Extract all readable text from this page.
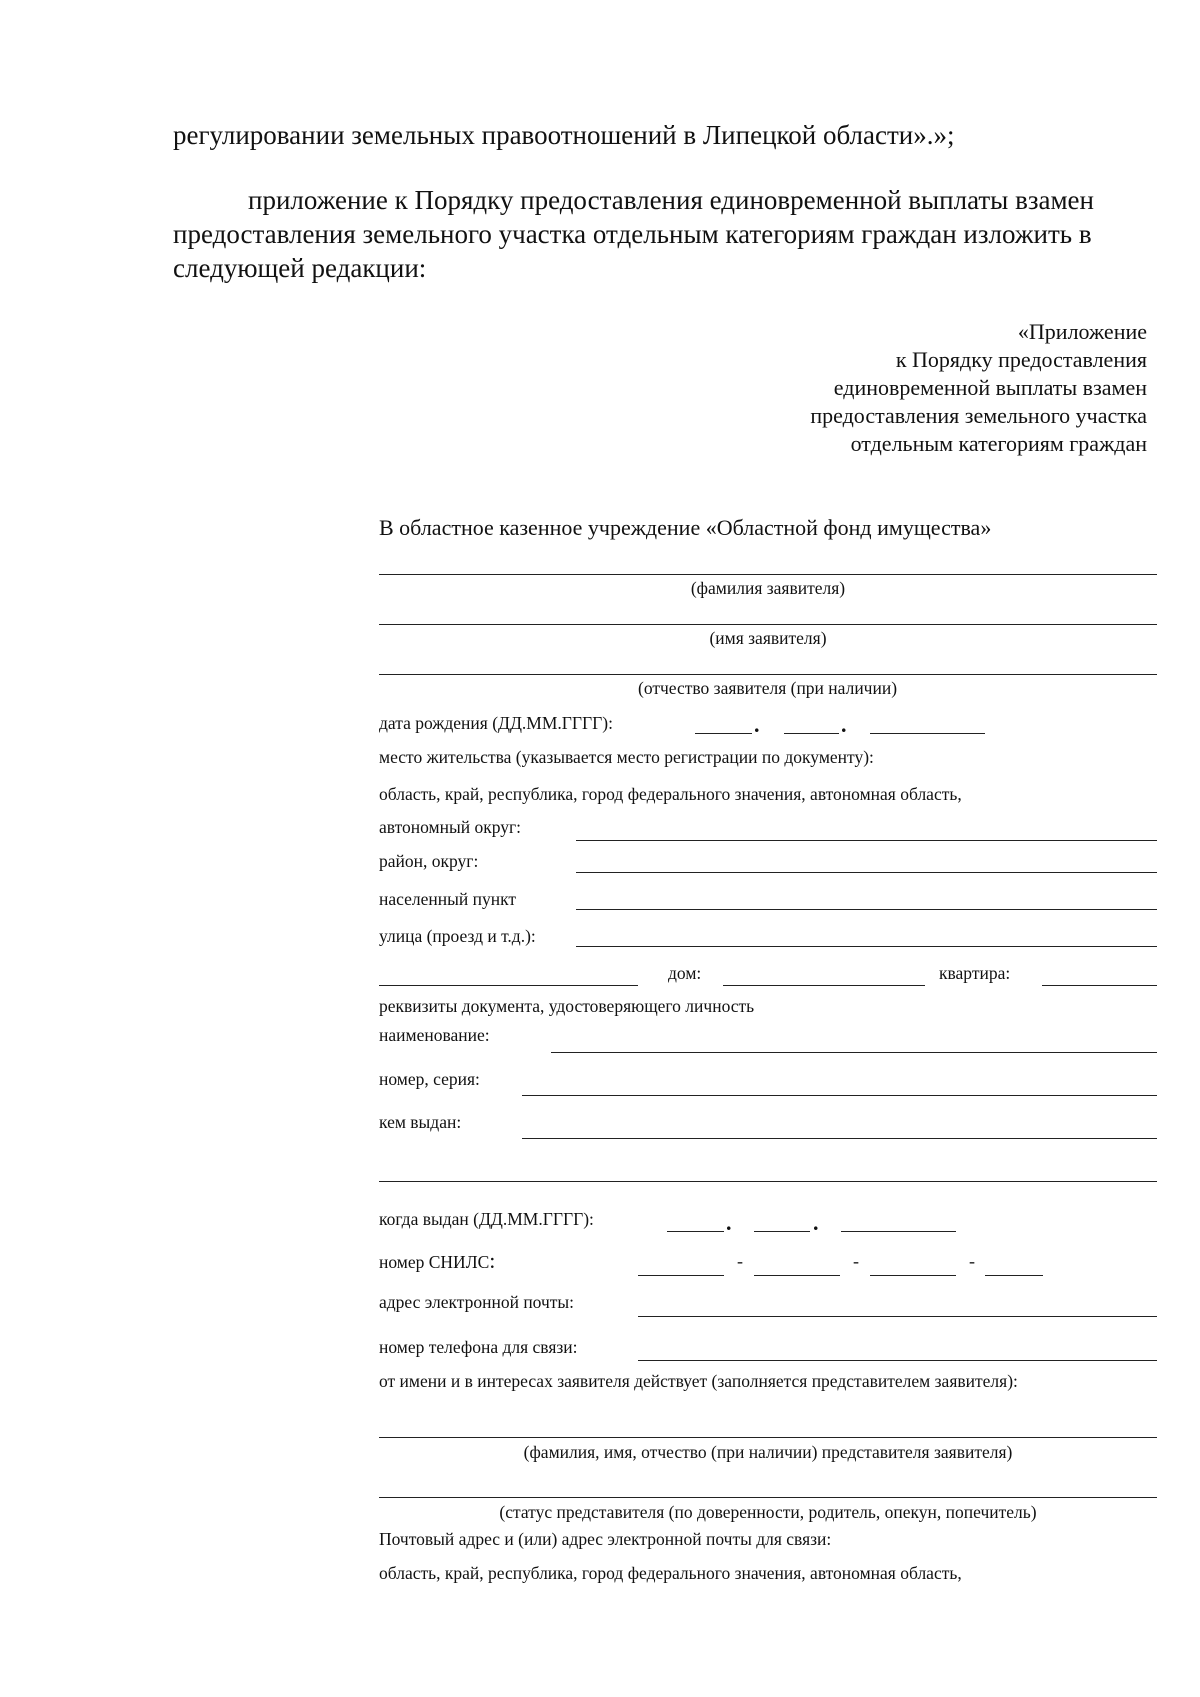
регулировании земельных правоотношений в Липецкой области».»;
приложение к Порядку предоставления единовременной выплаты взамен
предоставления земельного участка отдельным категориям граждан изложить в
следующей редакции:
«Приложение
к Порядку предоставления
единовременной выплаты взамен
предоставления земельного участка
отдельным категориям граждан
В областное казенное учреждение «Областной фонд имущества»
(фамилия заявителя)
(имя заявителя)
(отчество заявителя (при наличии)
дата рождения (ДД.ММ.ГГГГ):	.	.
место жительства (указывается место регистрации по документу):
область, край, республика, город федерального значения, автономная область,
автономный округ:
район, округ:
населенный пункт
улица (проезд и т.д.):
дом:	квартира:
реквизиты документа, удостоверяющего личность
наименование:
номер, серия:
кем выдан:
когда выдан (ДД.ММ.ГГГГ):	.	.
номер СНИЛС:	-	-	-
адрес электронной почты:
номер телефона для связи:
от имени и в интересах заявителя действует (заполняется представителем заявителя):
(фамилия, имя, отчество (при наличии) представителя заявителя)
(статус представителя (по доверенности, родитель, опекун, попечитель)
Почтовый адрес и (или) адрес электронной почты для связи:
область, край, республика, город федерального значения, автономная область,
